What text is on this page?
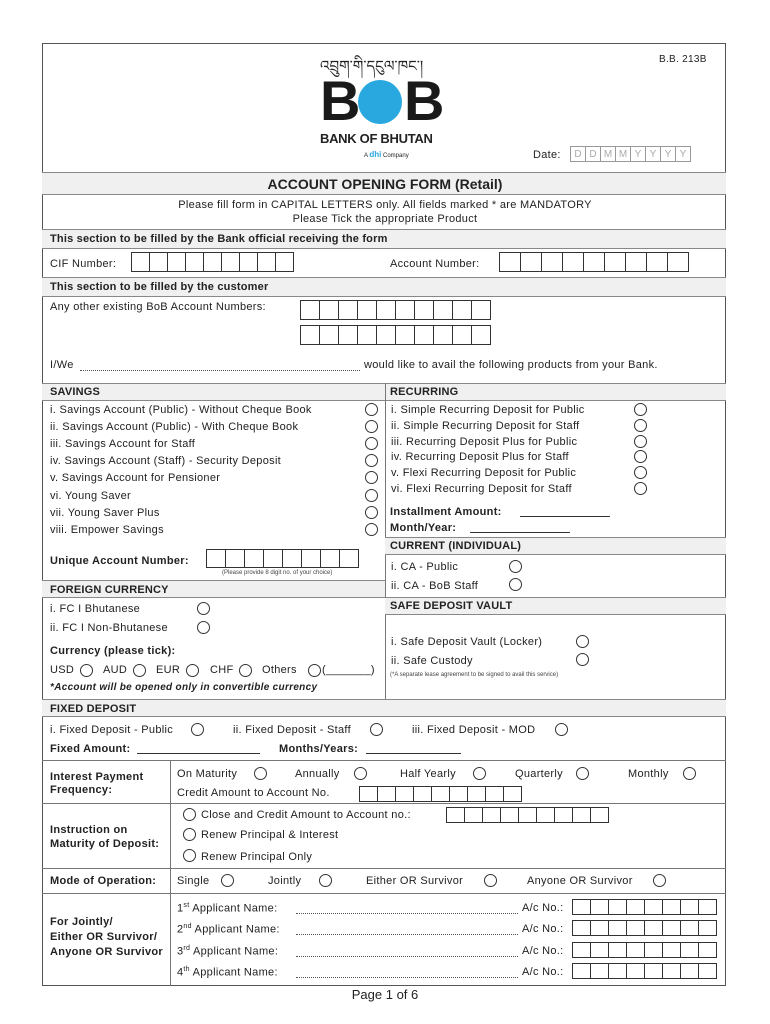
འབྲུག་གི་དངུལ་ཁང་།	B.B. 213B
B B
BANK OF BHUTAN
A dhi Company	Date:	D D M M Y Y Y Y
ACCOUNT OPENING FORM (Retail)
Please fill form in CAPITAL LETTERS only. All fields marked * are MANDATORY
Please Tick the appropriate Product
This section to be filled by the Bank official receiving the form
CIF Number:	Account Number:
This section to be filled by the customer
Any other existing BoB Account Numbers:
I/We	would like to avail the following products from your Bank.
SAVINGS	RECURRING
i. Savings Account (Public) - Without Cheque Book
ii. Savings Account (Public) - With Cheque Book
iii. Savings Account for Staff
iv. Savings Account (Staff) - Security Deposit
v. Savings Account for Pensioner
vi. Young Saver
vii. Young Saver Plus
viii. Empower Savings
i. Simple Recurring Deposit for Public
ii. Simple Recurring Deposit for Staff
iii. Recurring Deposit Plus for Public
iv. Recurring Deposit Plus for Staff
v. Flexi Recurring Deposit for Public
vi. Flexi Recurring Deposit for Staff
Unique Account Number:
(Please provide 8 digit no. of your choice)
Installment Amount:
Month/Year:
CURRENT (INDIVIDUAL)
i. CA - Public
ii. CA - BoB Staff
FOREIGN CURRENCY
SAFE DEPOSIT VAULT
i. FC I Bhutanese
ii. FC I Non-Bhutanese
Currency (please tick):
USD	AUD	EUR	CHF	Others (_______)
*Account will be opened only in convertible currency
i. Safe Deposit Vault (Locker)
ii. Safe Custody
(*A separate lease agreement to be signed to avail this service)
FIXED DEPOSIT
i. Fixed Deposit - Public	ii. Fixed Deposit - Staff	iii. Fixed Deposit - MOD
Fixed Amount:	Months/Years:
Interest Payment
Frequency:
On Maturity	Annually	Half Yearly	Quarterly	Monthly
Credit Amount to Account No.
Instruction on
Maturity of Deposit:
Close and Credit Amount to Account no.:
Renew Principal & Interest
Renew Principal Only
Mode of Operation: Single	Jointly	Either OR Survivor	Anyone OR Survivor
For Jointly/
Either OR Survivor/
Anyone OR Survivor
1st Applicant Name:	A/c No.:
2nd Applicant Name:	A/c No.:
3rd Applicant Name:	A/c No.:
4th Applicant Name:	A/c No.:
Page 1 of 6
